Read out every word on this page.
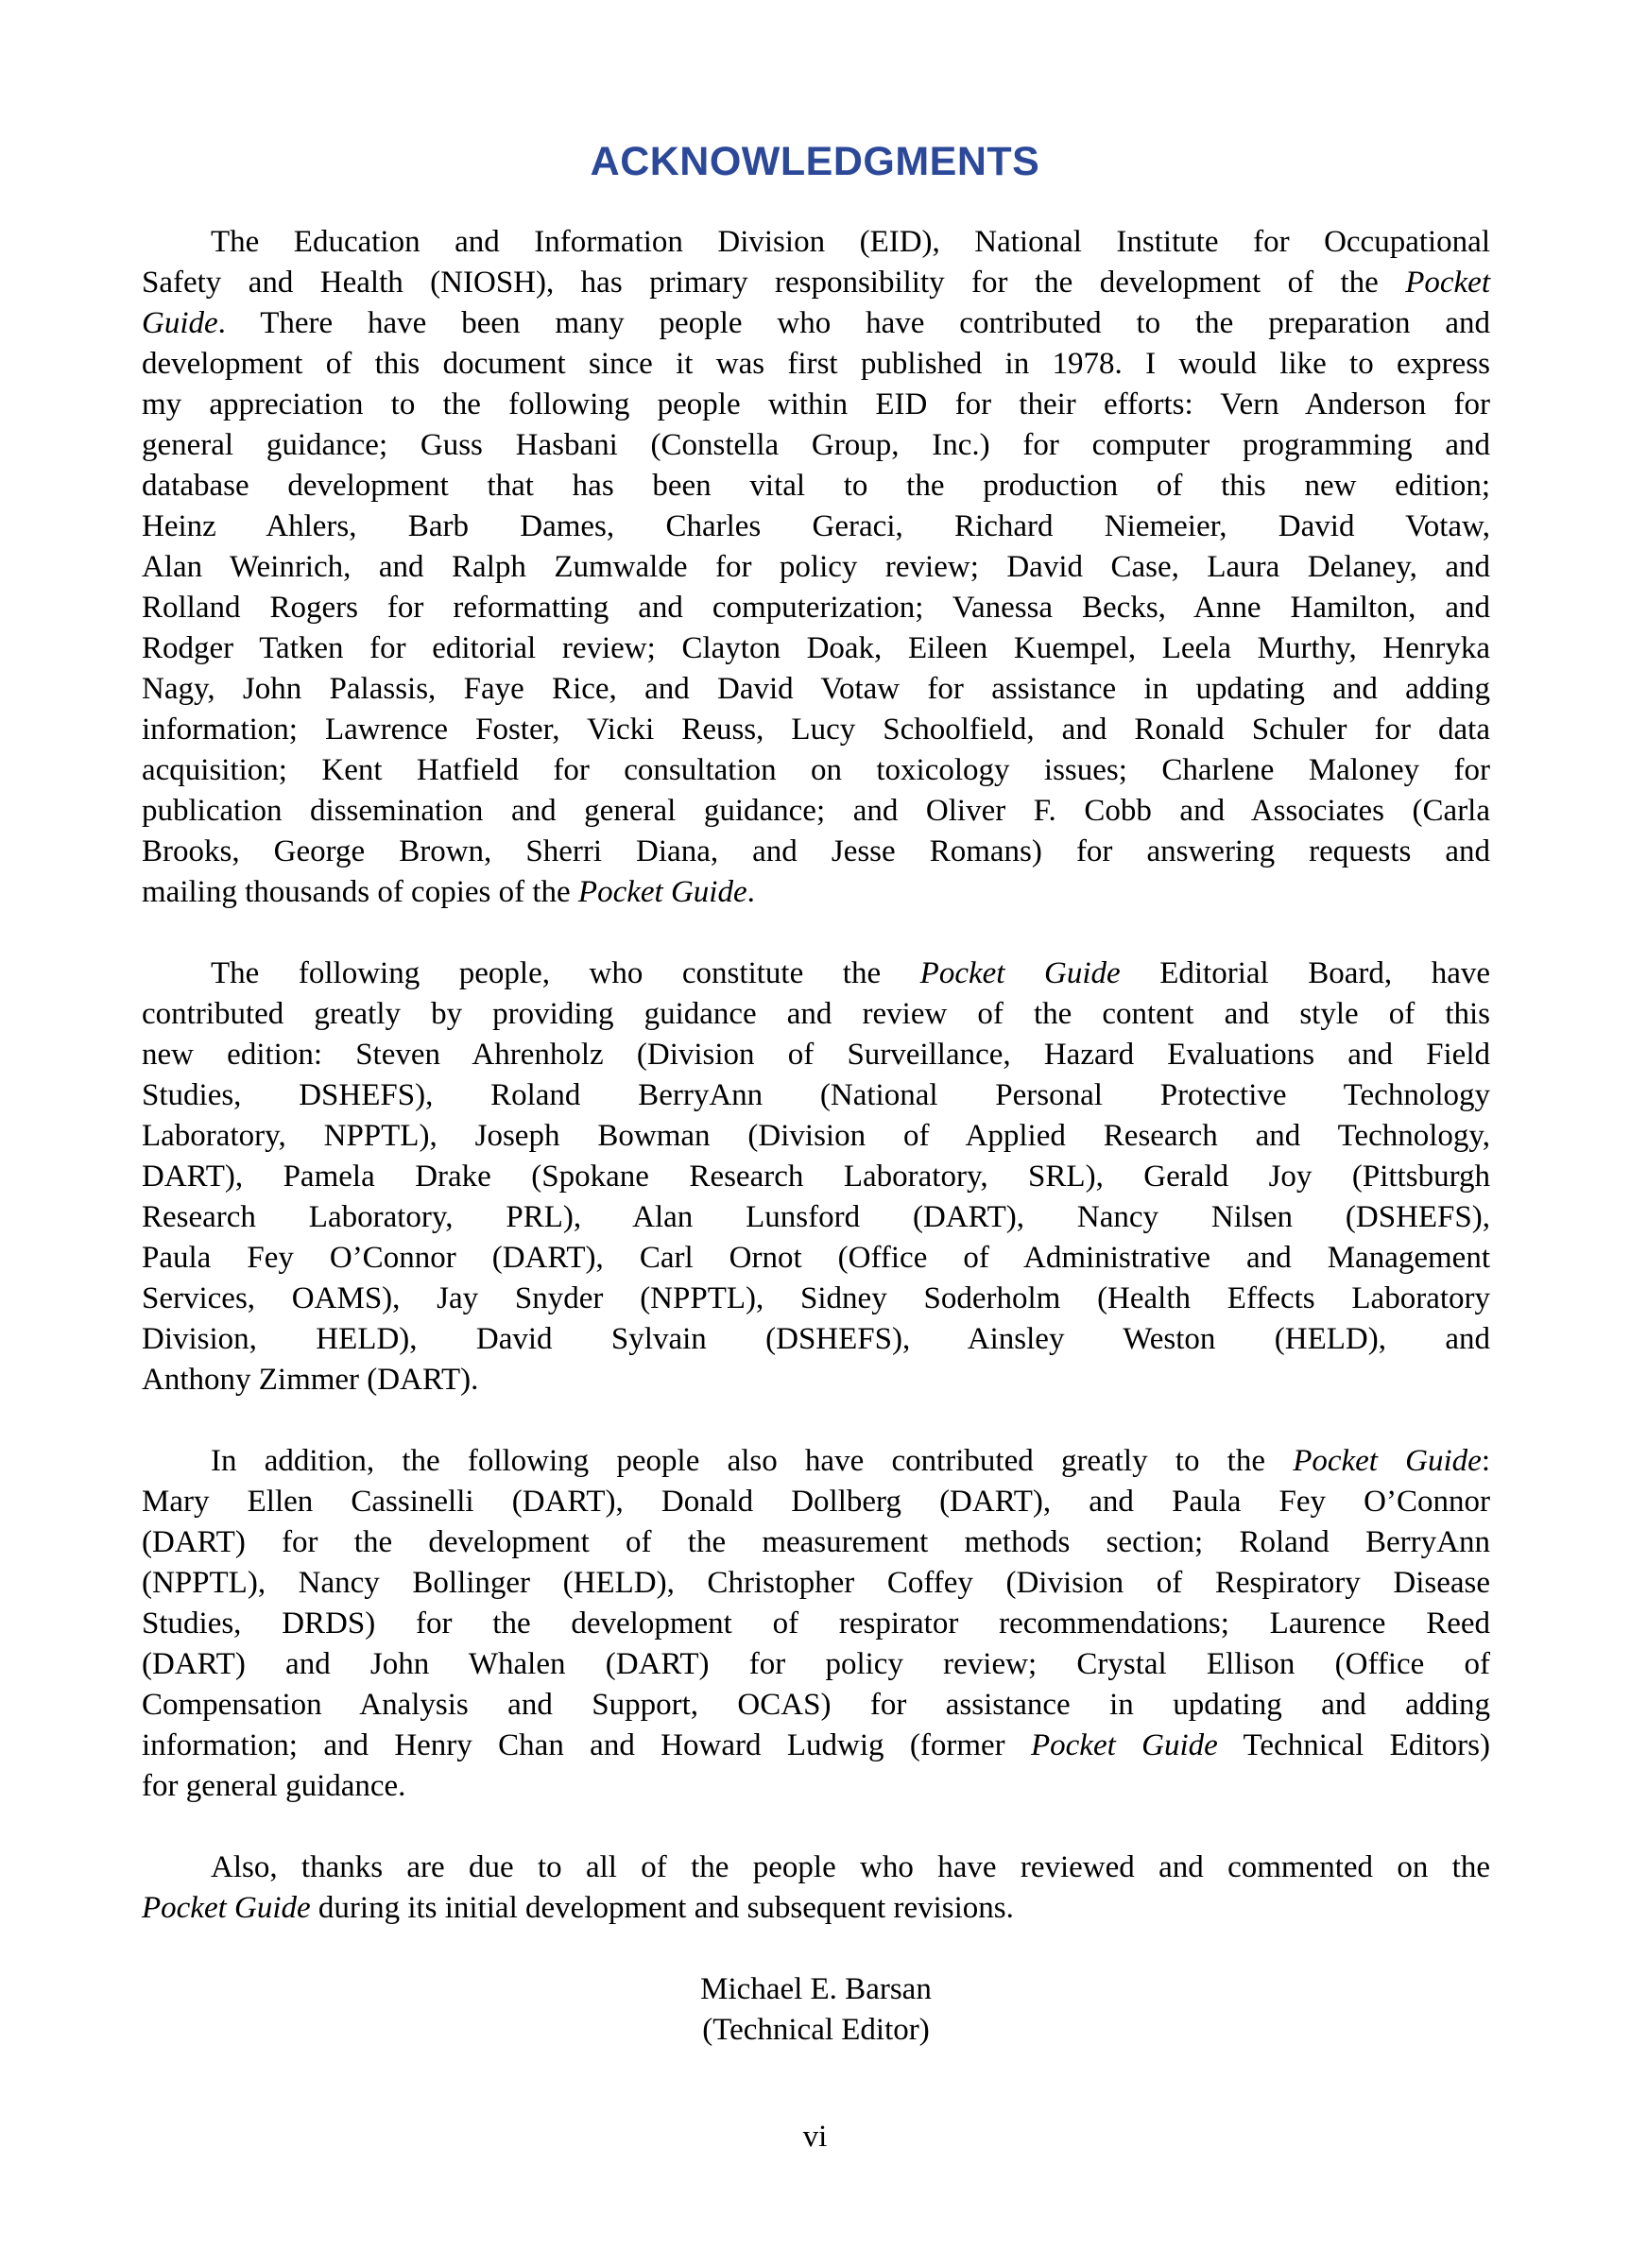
ACKNOWLEDGMENTS
The Education and Information Division (EID), National Institute for Occupational
Safety and Health (NIOSH), has primary responsibility for the development of the Pocket
Guide. There have been many people who have contributed to the preparation and
development of this document since it was first published in 1978. I would like to express
my appreciation to the following people within EID for their efforts: Vern Anderson for
general guidance; Guss Hasbani (Constella Group, Inc.) for computer programming and
database development that has been vital to the production of this new edition;
Heinz Ahlers, Barb Dames, Charles Geraci, Richard Niemeier, David Votaw,
Alan Weinrich, and Ralph Zumwalde for policy review; David Case, Laura Delaney, and
Rolland Rogers for reformatting and computerization; Vanessa Becks, Anne Hamilton, and
Rodger Tatken for editorial review; Clayton Doak, Eileen Kuempel, Leela Murthy, Henryka
Nagy, John Palassis, Faye Rice, and David Votaw for assistance in updating and adding
information; Lawrence Foster, Vicki Reuss, Lucy Schoolfield, and Ronald Schuler for data
acquisition; Kent Hatfield for consultation on toxicology issues; Charlene Maloney for
publication dissemination and general guidance; and Oliver F. Cobb and Associates (Carla
Brooks, George Brown, Sherri Diana, and Jesse Romans) for answering requests and
mailing thousands of copies of the Pocket Guide.
The following people, who constitute the Pocket Guide Editorial Board, have
contributed greatly by providing guidance and review of the content and style of this
new edition: Steven Ahrenholz (Division of Surveillance, Hazard Evaluations and Field
Studies, DSHEFS), Roland BerryAnn (National Personal Protective Technology
Laboratory, NPPTL), Joseph Bowman (Division of Applied Research and Technology,
DART), Pamela Drake (Spokane Research Laboratory, SRL), Gerald Joy (Pittsburgh
Research Laboratory, PRL), Alan Lunsford (DART), Nancy Nilsen (DSHEFS),
Paula Fey O’Connor (DART), Carl Ornot (Office of Administrative and Management
Services, OAMS), Jay Snyder (NPPTL), Sidney Soderholm (Health Effects Laboratory
Division, HELD), David Sylvain (DSHEFS), Ainsley Weston (HELD), and
Anthony Zimmer (DART).
In addition, the following people also have contributed greatly to the Pocket Guide:
Mary Ellen Cassinelli (DART), Donald Dollberg (DART), and Paula Fey O’Connor
(DART) for the development of the measurement methods section; Roland BerryAnn
(NPPTL), Nancy Bollinger (HELD), Christopher Coffey (Division of Respiratory Disease
Studies, DRDS) for the development of respirator recommendations; Laurence Reed
(DART) and John Whalen (DART) for policy review; Crystal Ellison (Office of
Compensation Analysis and Support, OCAS) for assistance in updating and adding
information; and Henry Chan and Howard Ludwig (former Pocket Guide Technical Editors)
for general guidance.
Also, thanks are due to all of the people who have reviewed and commented on the
Pocket Guide during its initial development and subsequent revisions.
Michael E. Barsan
(Technical Editor)
vi
